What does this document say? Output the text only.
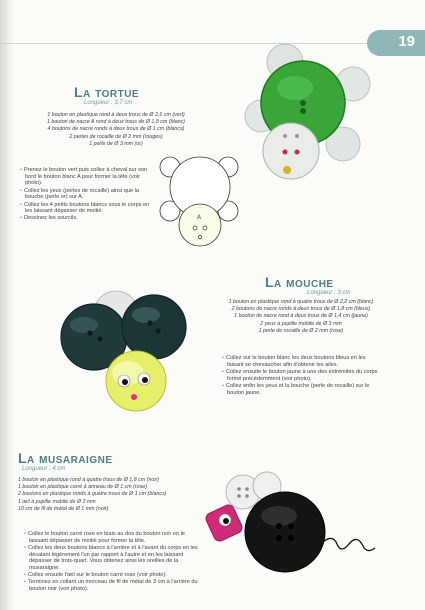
19
La tortue
Longueur : 3,7 cm
1 bouton en plastique rond à deux trous de Ø 2,6 cm (vert)
1 bouton de nacre A rond à deux trous de Ø 1,8 cm (blanc)
4 boutons de nacre ronds à deux trous de Ø 1 cm (blancs)
2 perles de rocaille de Ø 2 mm (rouges)
1 perle de Ø 3 mm (or)
• Prenez le bouton vert puis collez à cheval sur son bord le bouton blanc A pour former la tête (voir photo).
• Collez les yeux (perles de rocaille) ainsi que la bouche (perle or) sur A.
• Collez les 4 petits boutons blancs sous le corps en les laissant dépasser de moitié.
• Dessinez les sourcils.	A
La mouche
Longueur : 3 cm
1 bouton en plastique rond à quatre trous de Ø 2,2 cm (blanc)
2 boutons de nacre ronds à deux trous de Ø 1,8 cm (bleus)
1 bouton de nacre rond à deux trous de Ø 1,4 cm (jaune)
2 yeux à pupille mobile de Ø 3 mm
1 perle de rocaille de Ø 2 mm (rose)
• Collez sur le bouton blanc les deux boutons bleus en les faisant se chevaucher afin d'obtenir les ailes.
• Collez ensuite le bouton jaune à une des extrémités du corps formé précédemment (voir photo).
• Collez enfin les yeux et la bouche (perle de rocaille) sur le bouton jaune.
La musaraigne
Longueur : 4 cm
1 bouton en plastique rond à quatre trous de Ø 1,8 cm (noir)
1 bouton en plastique carré à anneau de Ø 1 cm (rose)
2 boutons en plastique ronds à quatre trous de Ø 1 cm (blancs)
1 œil à pupille mobile de Ø 3 mm
10 cm de fil de métal de Ø 1 mm (noir)
• Collez le bouton carré rose en biais au dos du bouton noir en le laissant dépasser de moitié pour former la tête.
• Collez les deux boutons blancs à l'arrière et à l'avant du corps en les décalant légèrement l'un par rapport à l'autre et en les laissant dépasser de trois-quart. Vous obtenez ainsi les oreilles de la musaraigne.
• Collez ensuite l'œil sur le bouton carré rose (voir photo).
• Terminez en collant un morceau de fil de métal de 3 cm à l'arrière du bouton noir (voir photo).
